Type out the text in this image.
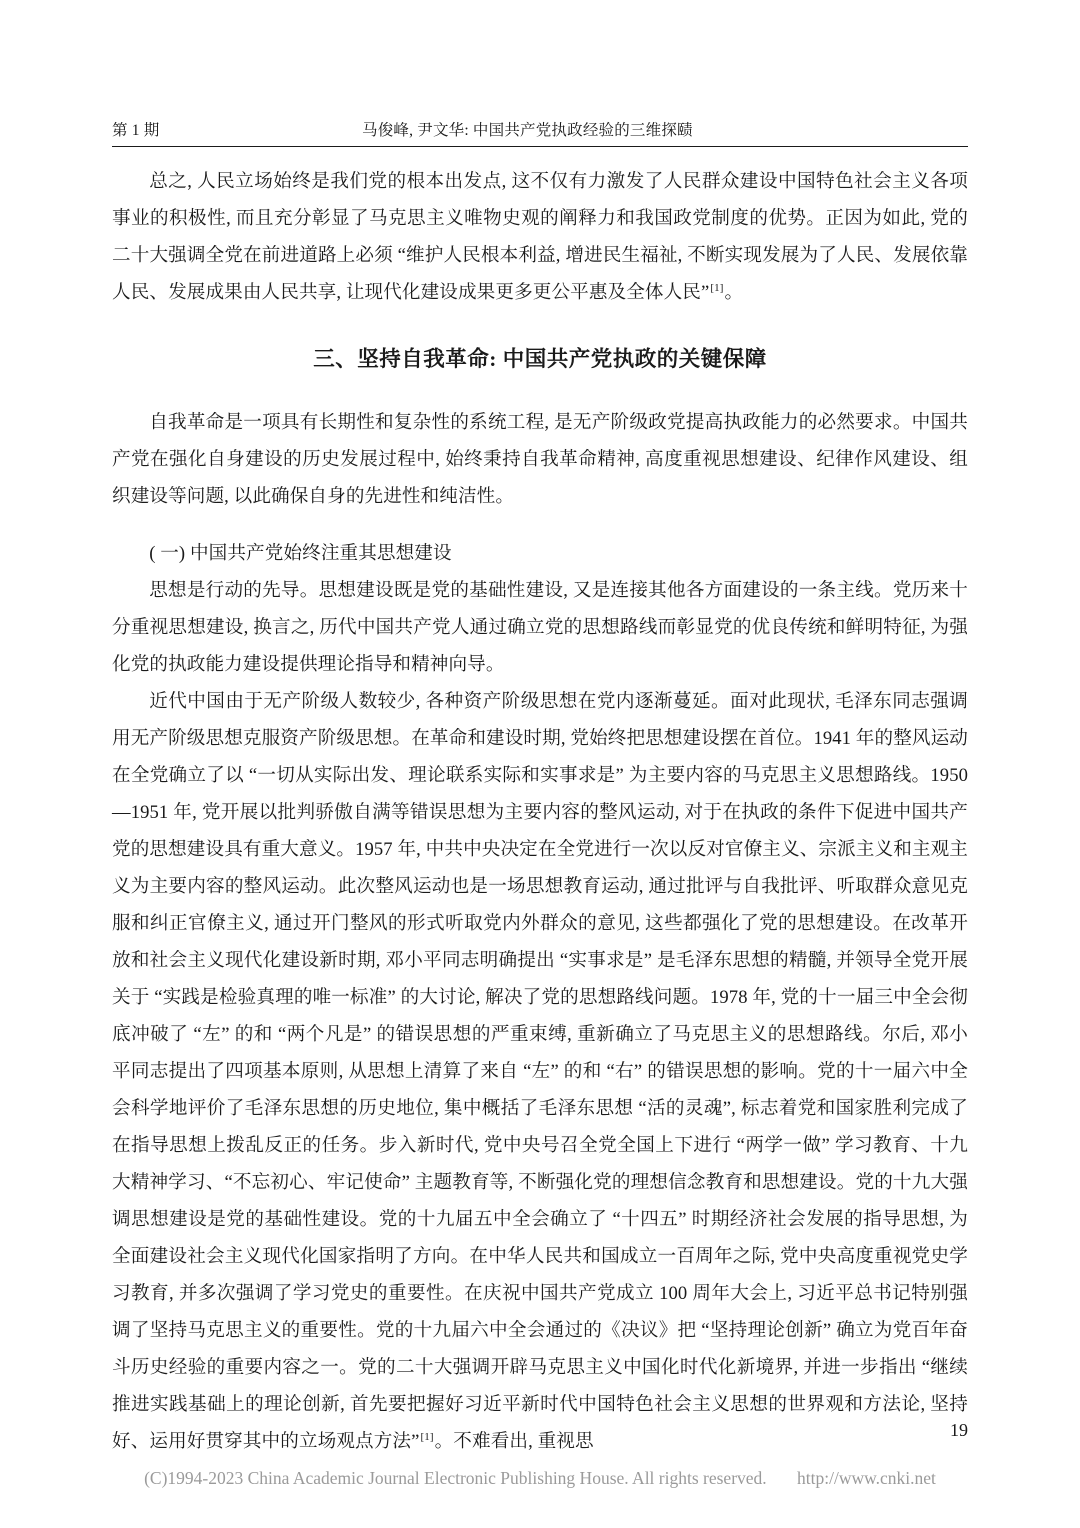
第 1 期	马俊峰, 尹文华: 中国共产党执政经验的三维探赜

总之, 人民立场始终是我们党的根本出发点, 这不仅有力激发了人民群众建设中国特色社会主义各项事业的积极性, 而且充分彰显了马克思主义唯物史观的阐释力和我国政党制度的优势。正因为如此, 党的二十大强调全党在前进道路上必须 “维护人民根本利益, 增进民生福祉, 不断实现发展为了人民、发展依靠人民、发展成果由人民共享, 让现代化建设成果更多更公平惠及全体人民”[1]。

三、坚持自我革命: 中国共产党执政的关键保障

自我革命是一项具有长期性和复杂性的系统工程, 是无产阶级政党提高执政能力的必然要求。中国共产党在强化自身建设的历史发展过程中, 始终秉持自我革命精神, 高度重视思想建设、纪律作风建设、组织建设等问题, 以此确保自身的先进性和纯洁性。

( 一) 中国共产党始终注重其思想建设

思想是行动的先导。思想建设既是党的基础性建设, 又是连接其他各方面建设的一条主线。党历来十分重视思想建设, 换言之, 历代中国共产党人通过确立党的思想路线而彰显党的优良传统和鲜明特征, 为强化党的执政能力建设提供理论指导和精神向导。

近代中国由于无产阶级人数较少, 各种资产阶级思想在党内逐渐蔓延。面对此现状, 毛泽东同志强调用无产阶级思想克服资产阶级思想。在革命和建设时期, 党始终把思想建设摆在首位。1941 年的整风运动在全党确立了以 “一切从实际出发、理论联系实际和实事求是” 为主要内容的马克思主义思想路线。1950—1951 年, 党开展以批判骄傲自满等错误思想为主要内容的整风运动, 对于在执政的条件下促进中国共产党的思想建设具有重大意义。1957 年, 中共中央决定在全党进行一次以反对官僚主义、宗派主义和主观主义为主要内容的整风运动。此次整风运动也是一场思想教育运动, 通过批评与自我批评、听取群众意见克服和纠正官僚主义, 通过开门整风的形式听取党内外群众的意见, 这些都强化了党的思想建设。在改革开放和社会主义现代化建设新时期, 邓小平同志明确提出 “实事求是” 是毛泽东思想的精髓, 并领导全党开展关于 “实践是检验真理的唯一标准” 的大讨论, 解决了党的思想路线问题。1978 年, 党的十一届三中全会彻底冲破了 “左” 的和 “两个凡是” 的错误思想的严重束缚, 重新确立了马克思主义的思想路线。尔后, 邓小平同志提出了四项基本原则, 从思想上清算了来自 “左” 的和 “右” 的错误思想的影响。党的十一届六中全会科学地评价了毛泽东思想的历史地位, 集中概括了毛泽东思想 “活的灵魂”, 标志着党和国家胜利完成了在指导思想上拨乱反正的任务。步入新时代, 党中央号召全党全国上下进行 “两学一做” 学习教育、十九大精神学习、“不忘初心、牢记使命” 主题教育等, 不断强化党的理想信念教育和思想建设。党的十九大强调思想建设是党的基础性建设。党的十九届五中全会确立了 “十四五” 时期经济社会发展的指导思想, 为全面建设社会主义现代化国家指明了方向。在中华人民共和国成立一百周年之际, 党中央高度重视党史学习教育, 并多次强调了学习党史的重要性。在庆祝中国共产党成立 100 周年大会上, 习近平总书记特别强调了坚持马克思主义的重要性。党的十九届六中全会通过的《决议》把 “坚持理论创新” 确立为党百年奋斗历史经验的重要内容之一。党的二十大强调开辟马克思主义中国化时代化新境界, 并进一步指出 “继续推进实践基础上的理论创新, 首先要把握好习近平新时代中国特色社会主义思想的世界观和方法论, 坚持好、运用好贯穿其中的立场观点方法”[1]。不难看出, 重视思

19
(C)1994-2023 China Academic Journal Electronic Publishing House. All rights reserved. http://www.cnki.net
